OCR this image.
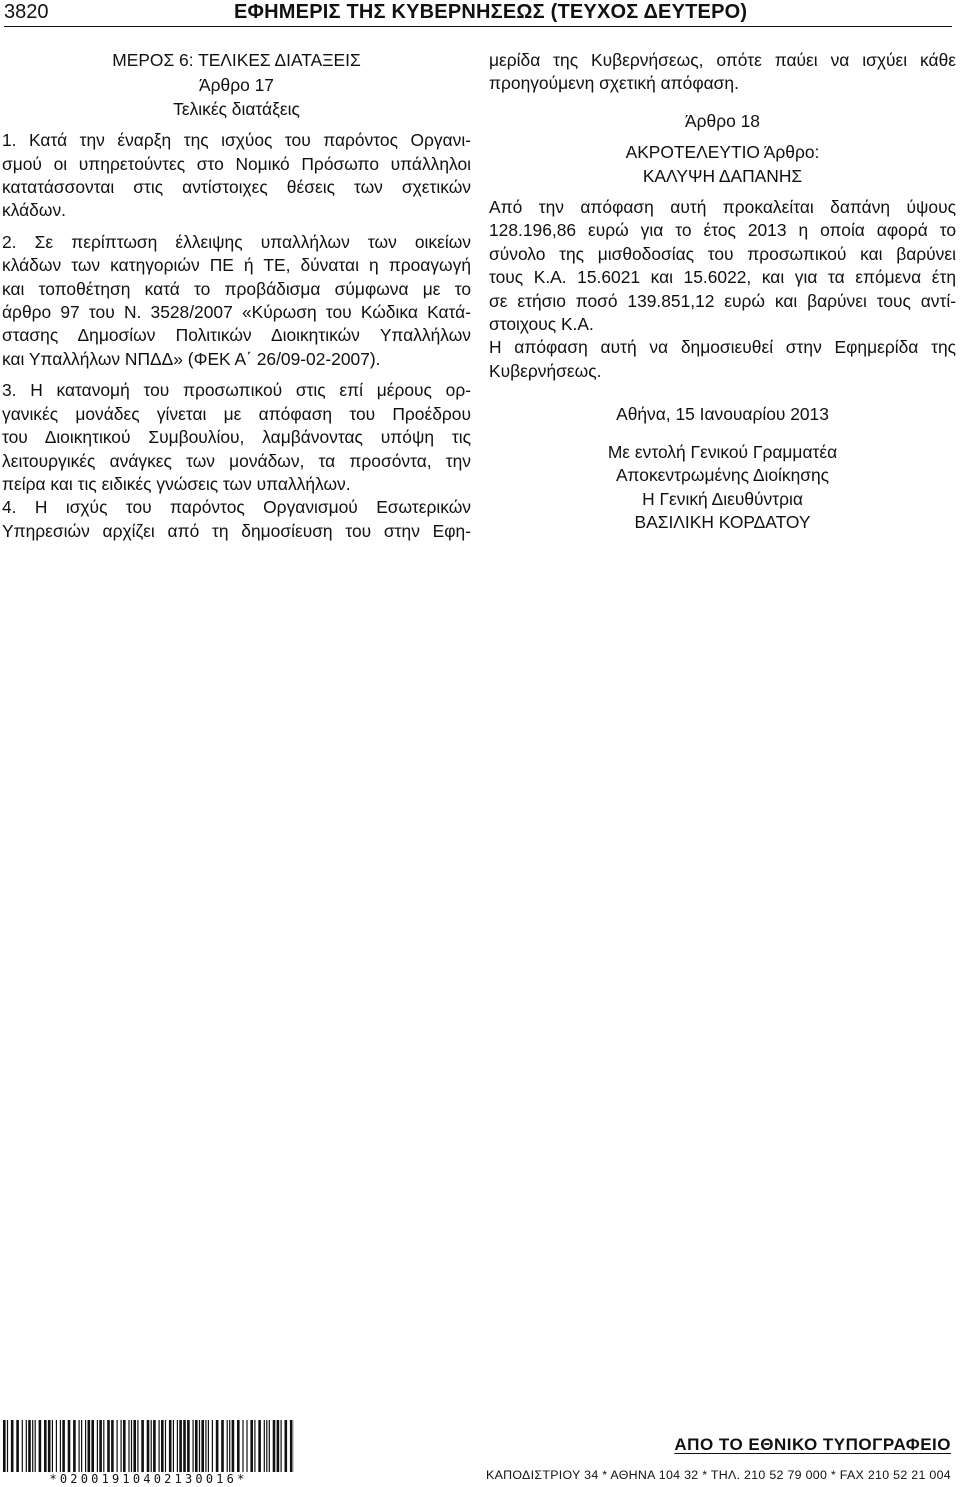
3820	ΕΦΗΜΕΡΙΣ ΤΗΣ ΚΥΒΕΡΝΗΣΕΩΣ (ΤΕΥΧΟΣ ΔΕΥΤΕΡΟ)
ΜΕΡΟΣ 6: ΤΕΛΙΚΕΣ ΔΙΑΤΑΞΕΙΣ
Άρθρο 17
Τελικές διατάξεις
1. Κατά την έναρξη της ισχύος του παρόντος Οργανι-
σμού οι υπηρετούντες στο Νομικό Πρόσωπο υπάλληλοι
κατατάσσονται στις αντίστοιχες θέσεις των σχετικών
κλάδων.
2. Σε περίπτωση έλλειψης υπαλλήλων των οικείων
κλάδων των κατηγοριών ΠΕ ή ΤΕ, δύναται η προαγωγή
και τοποθέτηση κατά το προβάδισμα σύμφωνα με το
άρθρο 97 του Ν. 3528/2007 «Κύρωση του Κώδικα Κατά-
στασης Δημοσίων Πολιτικών Διοικητικών Υπαλλήλων
και Υπαλλήλων ΝΠΔΔ» (ΦΕΚ Α΄ 26/09-02-2007).
3. Η κατανομή του προσωπικού στις επί μέρους ορ-
γανικές μονάδες γίνεται με απόφαση του Προέδρου
του Διοικητικού Συμβουλίου, λαμβάνοντας υπόψη τις
λειτουργικές ανάγκες των μονάδων, τα προσόντα, την
πείρα και τις ειδικές γνώσεις των υπαλλήλων.
4. Η ισχύς του παρόντος Οργανισμού Εσωτερικών
Υπηρεσιών αρχίζει από τη δημοσίευση του στην Εφη-
μερίδα της Κυβερνήσεως, οπότε παύει να ισχύει κάθε
προηγούμενη σχετική απόφαση.
Άρθρο 18
ΑΚΡΟΤΕΛΕΥΤΙΟ Άρθρο:
ΚΑΛΥΨΗ ΔΑΠΑΝΗΣ
Από την απόφαση αυτή προκαλείται δαπάνη ύψους
128.196,86 ευρώ για το έτος 2013 η οποία αφορά το
σύνολο της μισθοδοσίας του προσωπικού και βαρύνει
τους Κ.Α. 15.6021 και 15.6022, και για τα επόμενα έτη
σε ετήσιο ποσό 139.851,12 ευρώ και βαρύνει τους αντί-
στοιχους Κ.Α.
Η απόφαση αυτή να δημοσιευθεί στην Εφημερίδα της
Κυβερνήσεως.
Αθήνα, 15 Ιανουαρίου 2013
Με εντολή Γενικού Γραμματέα
Αποκεντρωμένης Διοίκησης
Η Γενική Διευθύντρια
ΒΑΣΙΛΙΚΗ ΚΟΡΔΑΤΟΥ
*02001910402130016*
ΑΠΟ ΤΟ ΕΘΝΙΚΟ ΤΥΠΟΓΡΑΦΕΙΟ
ΚΑΠΟΔΙΣΤΡΙΟΥ 34 * ΑΘΗΝΑ 104 32 * ΤΗΛ. 210 52 79 000 * FAX 210 52 21 004
